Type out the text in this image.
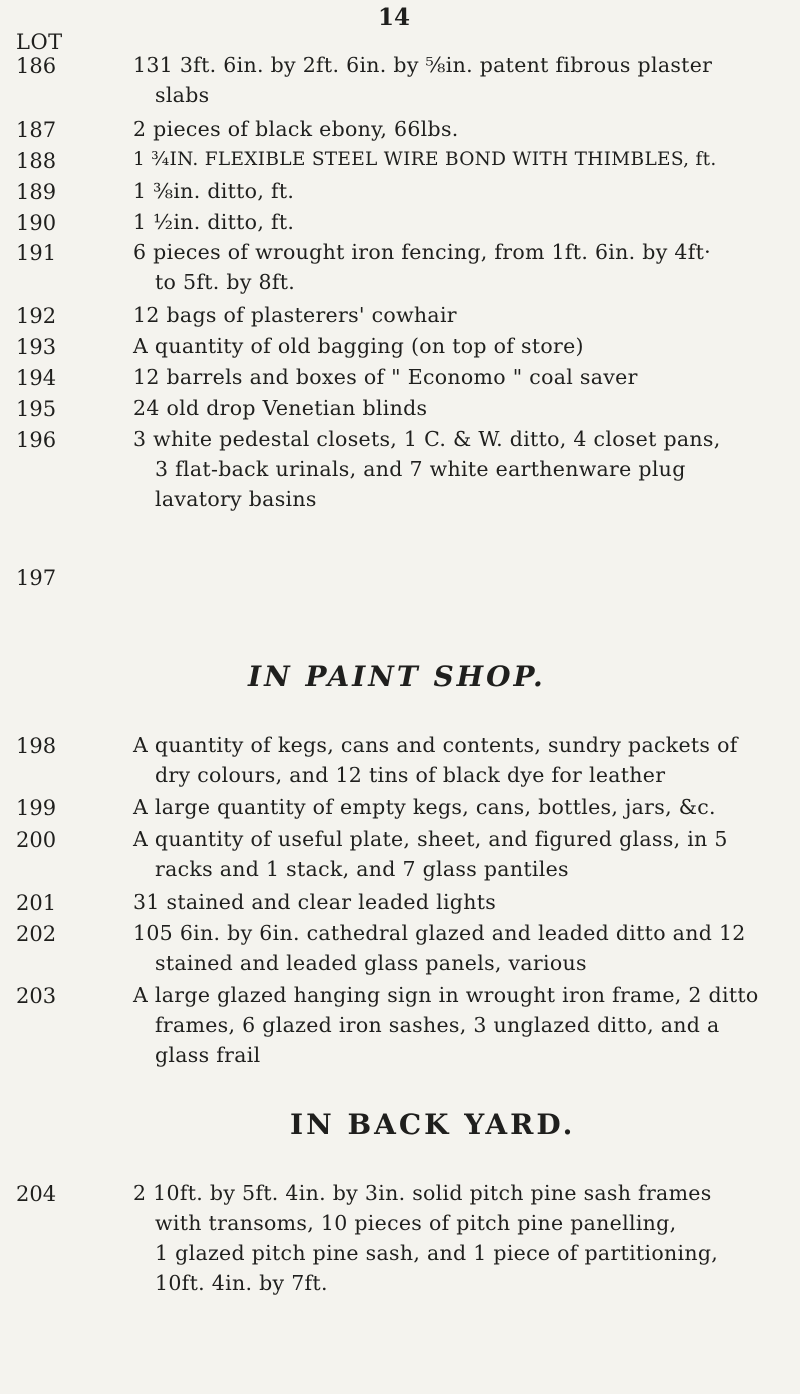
14
LOT
186	131 3ft. 6in. by 2ft. 6in. by ⅝in. patent fibrous plaster
slabs
187	2 pieces of black ebony, 66lbs.
188	1 ¾IN. FLEXIBLE STEEL WIRE BOND WITH THIMBLES, ft.
189	1 ⅜in. ditto, ft.
190	1 ½in. ditto, ft.
191	6 pieces of wrought iron fencing, from 1ft. 6in. by 4ft·
to 5ft. by 8ft.
192	12 bags of plasterers' cowhair
193	A quantity of old bagging (on top of store)
194	12 barrels and boxes of " Economo " coal saver
195	24 old drop Venetian blinds
196	3 white pedestal closets, 1 C. & W. ditto, 4 closet pans,
3 flat-back urinals, and 7 white earthenware plug
lavatory basins
197
IN PAINT SHOP.
198	A quantity of kegs, cans and contents, sundry packets of
dry colours, and 12 tins of black dye for leather
199	A large quantity of empty kegs, cans, bottles, jars, &c.
200	A quantity of useful plate, sheet, and figured glass, in 5
racks and 1 stack, and 7 glass pantiles
201	31 stained and clear leaded lights
202	105 6in. by 6in. cathedral glazed and leaded ditto and 12
stained and leaded glass panels, various
203	A large glazed hanging sign in wrought iron frame, 2 ditto
frames, 6 glazed iron sashes, 3 unglazed ditto, and a
glass frail
IN BACK YARD.
204	2 10ft. by 5ft. 4in. by 3in. solid pitch pine sash frames
with transoms, 10 pieces of pitch pine panelling,
1 glazed pitch pine sash, and 1 piece of partitioning,
10ft. 4in. by 7ft.
